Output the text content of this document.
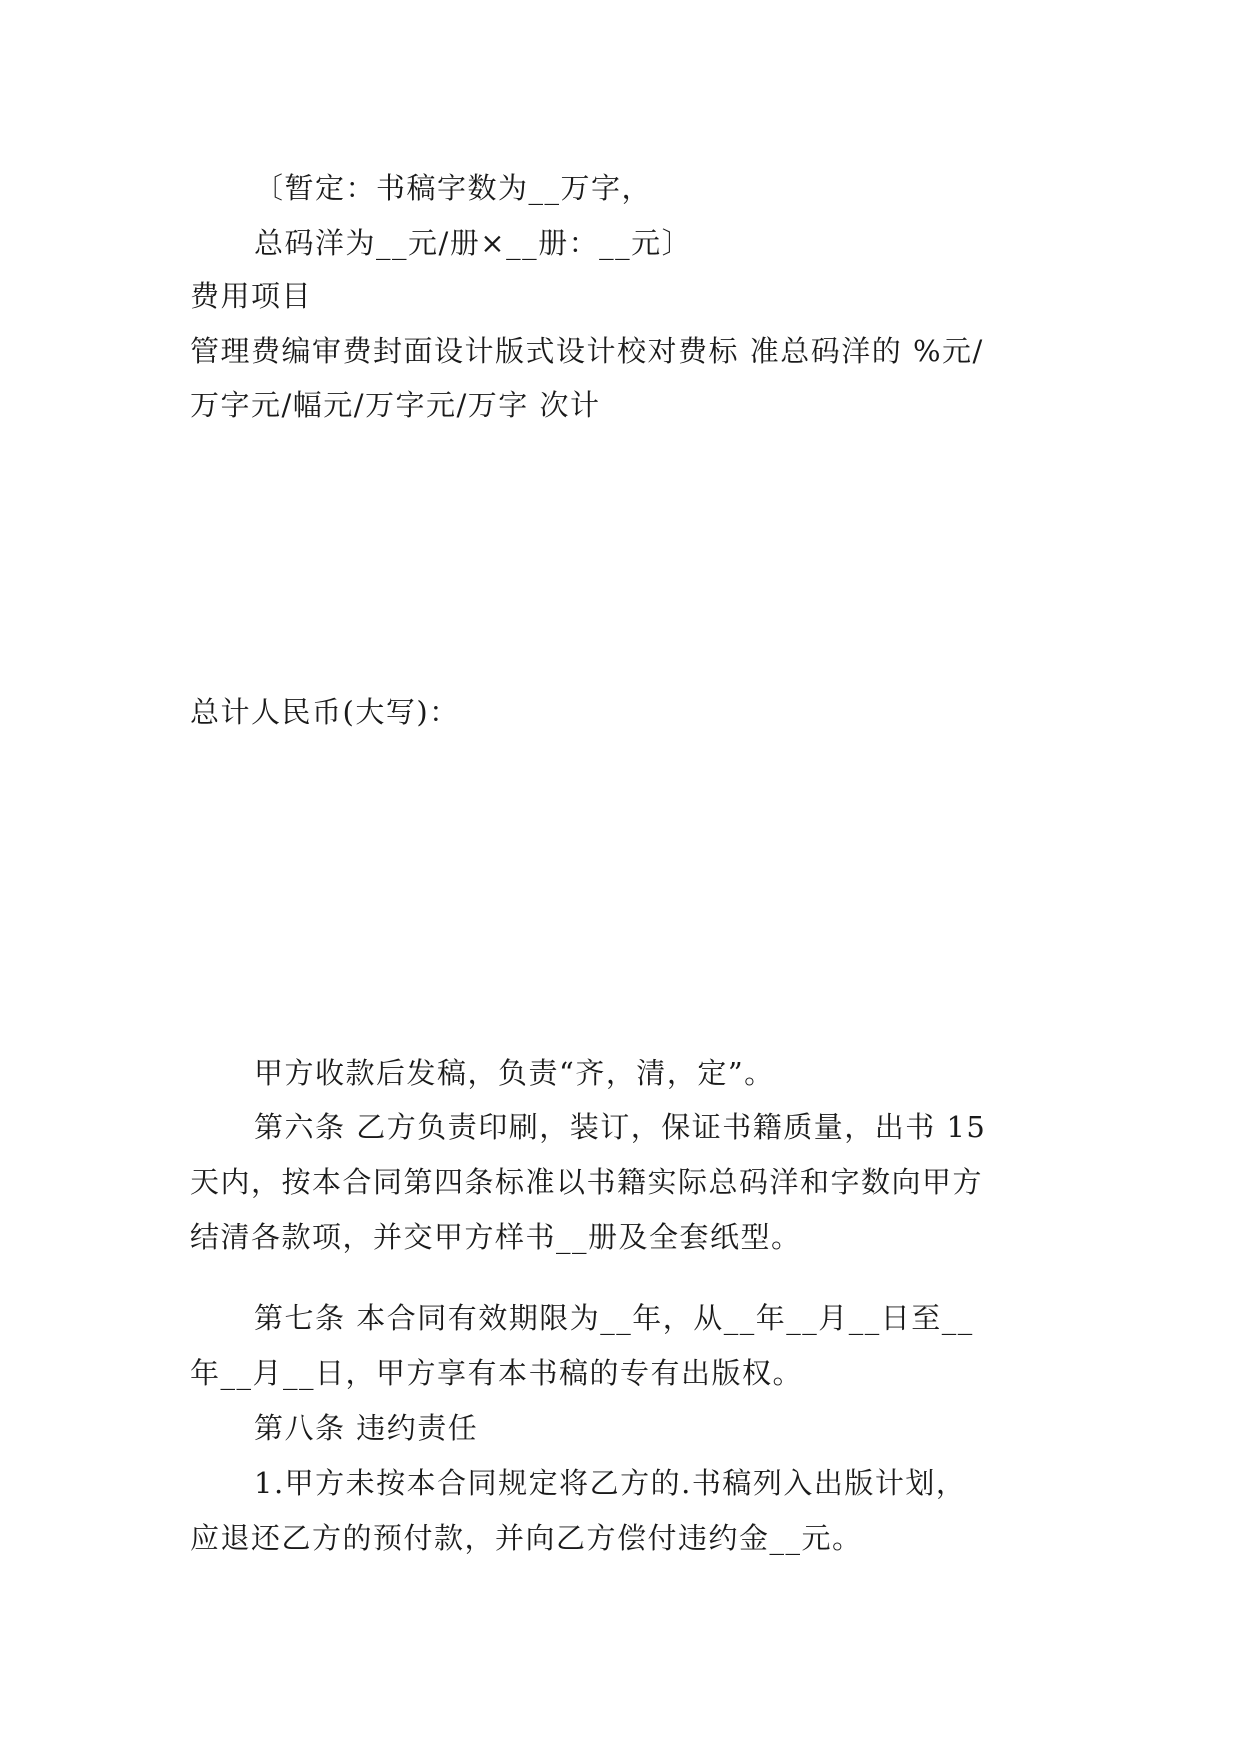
〔暂定：书稿字数为__万字，
总码洋为__元/册×__册：__元〕
费用项目
管理费编审费封面设计版式设计校对费标 准总码洋的 %元/
万字元/幅元/万字元/万字 次计
总计人民币(大写)：
甲方收款后发稿，负责“齐，清，定”。
第六条 乙方负责印刷，装订，保证书籍质量，出书 15
天内，按本合同第四条标准以书籍实际总码洋和字数向甲方
结清各款项，并交甲方样书__册及全套纸型。
第七条 本合同有效期限为__年，从__年__月__日至__
年__月__日，甲方享有本书稿的专有出版权。
第八条 违约责任
1.甲方未按本合同规定将乙方的.书稿列入出版计划，
应退还乙方的预付款，并向乙方偿付违约金__元。
